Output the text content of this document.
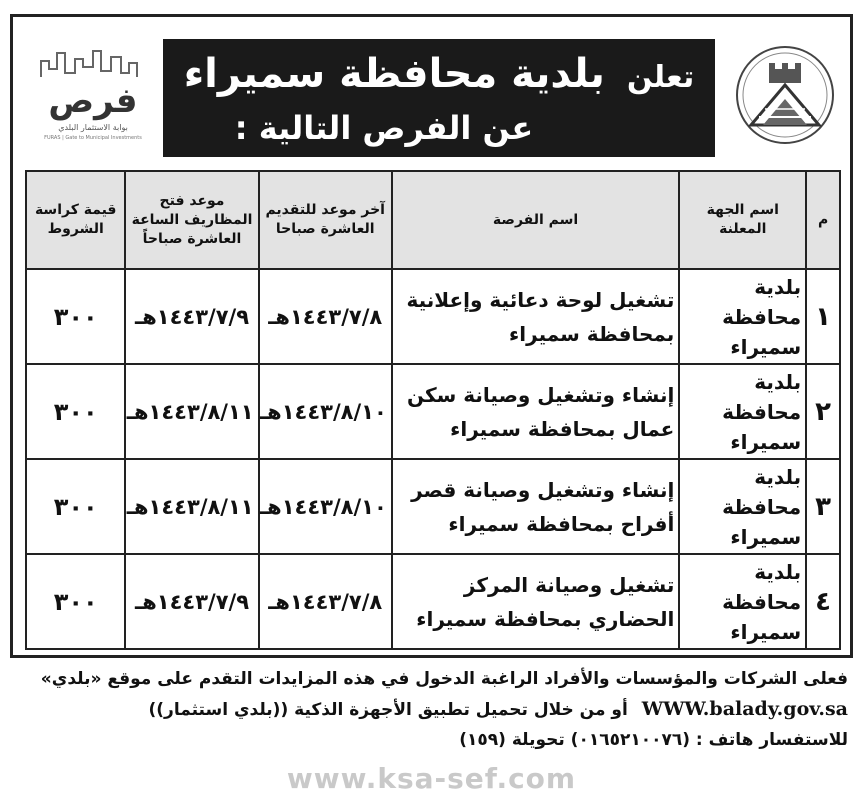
تعلن بلدية محافظة سميراء
عن الفرص التالية :
فرص
بوابة الاستثمار البلدي
FURAS | Gate to Municipal Investments
م	اسم الجهة المعلنة	اسم الفرصة	آخر موعد للتقديم العاشرة صباحا	موعد فتح المظاريف الساعة العاشرة صباحاً	قيمة كراسة الشروط
١	بلدية محافظة سميراء	تشغيل لوحة دعائية وإعلانية بمحافظة سميراء	١٤٤٣/٧/٨هـ	١٤٤٣/٧/٩هـ	٣٠٠
٢	بلدية محافظة سميراء	إنشاء وتشغيل وصيانة سكن عمال بمحافظة سميراء	١٤٤٣/٨/١٠هـ	١٤٤٣/٨/١١هـ	٣٠٠
٣	بلدية محافظة سميراء	إنشاء وتشغيل وصيانة قصر أفراح بمحافظة سميراء	١٤٤٣/٨/١٠هـ	١٤٤٣/٨/١١هـ	٣٠٠
٤	بلدية محافظة سميراء	تشغيل وصيانة المركز الحضاري بمحافظة سميراء	١٤٤٣/٧/٨هـ	١٤٤٣/٧/٩هـ	٣٠٠
فعلى الشركات والمؤسسات والأفراد الراغبة الدخول في هذه المزايدات التقدم على موقع «بلدي»
WWW.balady.gov.sa أو من خلال تحميل تطبيق الأجهزة الذكية ((بلدي استثمار))
للاستفسار هاتف : (٠١٦٥٢١٠٠٧٦) تحويلة (١٥٩)
www.ksa-sef.com
